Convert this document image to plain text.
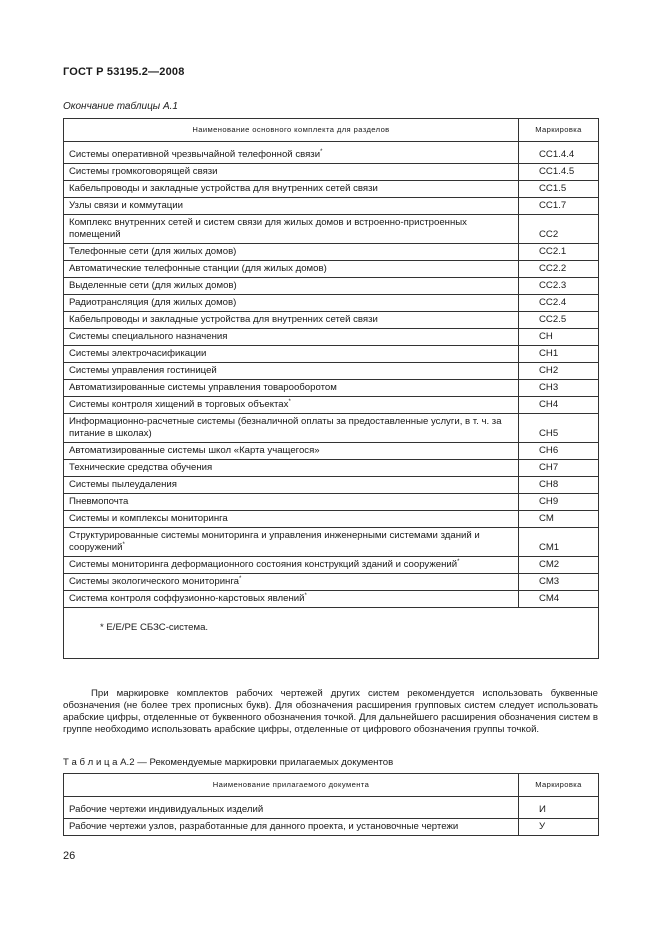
ГОСТ Р 53195.2—2008
Окончание таблицы А.1
Наименование основного комплекта для разделов	Маркировка

Системы оперативной чрезвычайной телефонной связи*	СС1.4.4
Системы громкоговорящей связи	СС1.4.5
Кабельпроводы и закладные устройства для внутренних сетей связи	СС1.5
Узлы связи и коммутации	СС1.7
Комплекс внутренних сетей и систем связи для жилых домов и встроенно-пристроенных помещений	СС2
Телефонные сети (для жилых домов)	СС2.1
Автоматические телефонные станции (для жилых домов)	СС2.2
Выделенные сети (для жилых домов)	СС2.3
Радиотрансляция (для жилых домов)	СС2.4
Кабельпроводы и закладные устройства для внутренних сетей связи	СС2.5
Системы специального назначения	СН
Системы электрочасификации	СН1
Системы управления гостиницей	СН2
Автоматизированные системы управления товарооборотом	СН3
Системы контроля хищений в торговых объектах*	СН4
Информационно-расчетные системы (безналичной оплаты за предоставленные услуги, в т. ч. за питание в школах)	СН5
Автоматизированные системы школ «Карта учащегося»	СН6
Технические средства обучения	СН7
Системы пылеудаления	СН8
Пневмопочта	СН9
Системы и комплексы мониторинга	СМ
Структурированные системы мониторинга и управления инженерными системами зданий и сооружений*	СМ1
Системы мониторинга деформационного состояния конструкций зданий и сооружений*	СМ2
Системы экологического мониторинга*	СМ3
Система контроля соффузионно-карстовых явлений*	СМ4
* Е/Е/РЕ СБЗС-система.	
При маркировке комплектов рабочих чертежей других систем рекомендуется использовать буквенные обозначения (не более трех прописных букв). Для обозначения расширения групповых систем следует использовать арабские цифры, отделенные от буквенного обозначения точкой. Для дальнейшего расширения обозначения систем в группе необходимо использовать арабские цифры, отделенные от цифрового обозначения группы точкой.
Т а б л и ц а А.2 — Рекомендуемые маркировки прилагаемых документов
Наименование прилагаемого документа	Маркировка

Рабочие чертежи индивидуальных изделий	И
Рабочие чертежи узлов, разработанные для данного проекта, и установочные чертежи	У
26
